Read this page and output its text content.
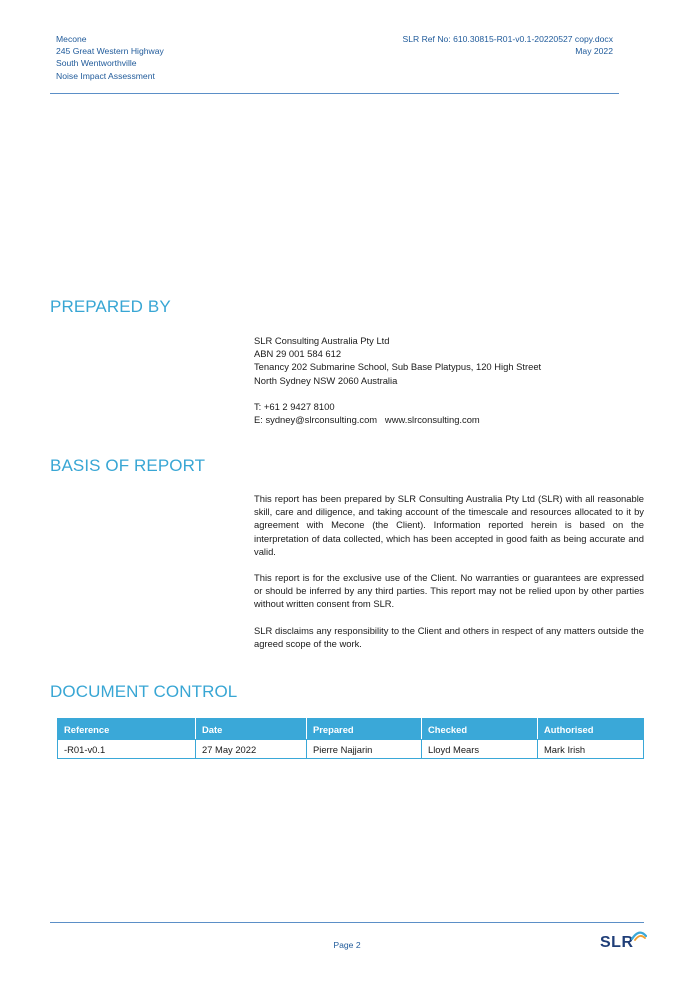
Mecone
245 Great Western Highway
South Wentworthville
Noise Impact Assessment
SLR Ref No: 610.30815-R01-v0.1-20220527 copy.docx
May 2022
PREPARED BY
SLR Consulting Australia Pty Ltd
ABN 29 001 584 612
Tenancy 202 Submarine School, Sub Base Platypus, 120 High Street
North Sydney NSW 2060 Australia
T: +61 2 9427 8100
E: sydney@slrconsulting.com   www.slrconsulting.com
BASIS OF REPORT

This report has been prepared by SLR Consulting Australia Pty Ltd (SLR) with all reasonable skill, care and diligence, and taking account of the timescale and resources allocated to it by agreement with Mecone (the Client). Information reported herein is based on the interpretation of data collected, which has been accepted in good faith as being accurate and valid.

This report is for the exclusive use of the Client. No warranties or guarantees are expressed or should be inferred by any third parties. This report may not be relied upon by other parties without written consent from SLR.

SLR disclaims any responsibility to the Client and others in respect of any matters outside the agreed scope of the work.

DOCUMENT CONTROL
Reference	Date	Prepared	Checked	Authorised
-R01-v0.1	27 May 2022	Pierre Najjarin	Lloyd Mears	Mark Irish
Page 2	SLR
